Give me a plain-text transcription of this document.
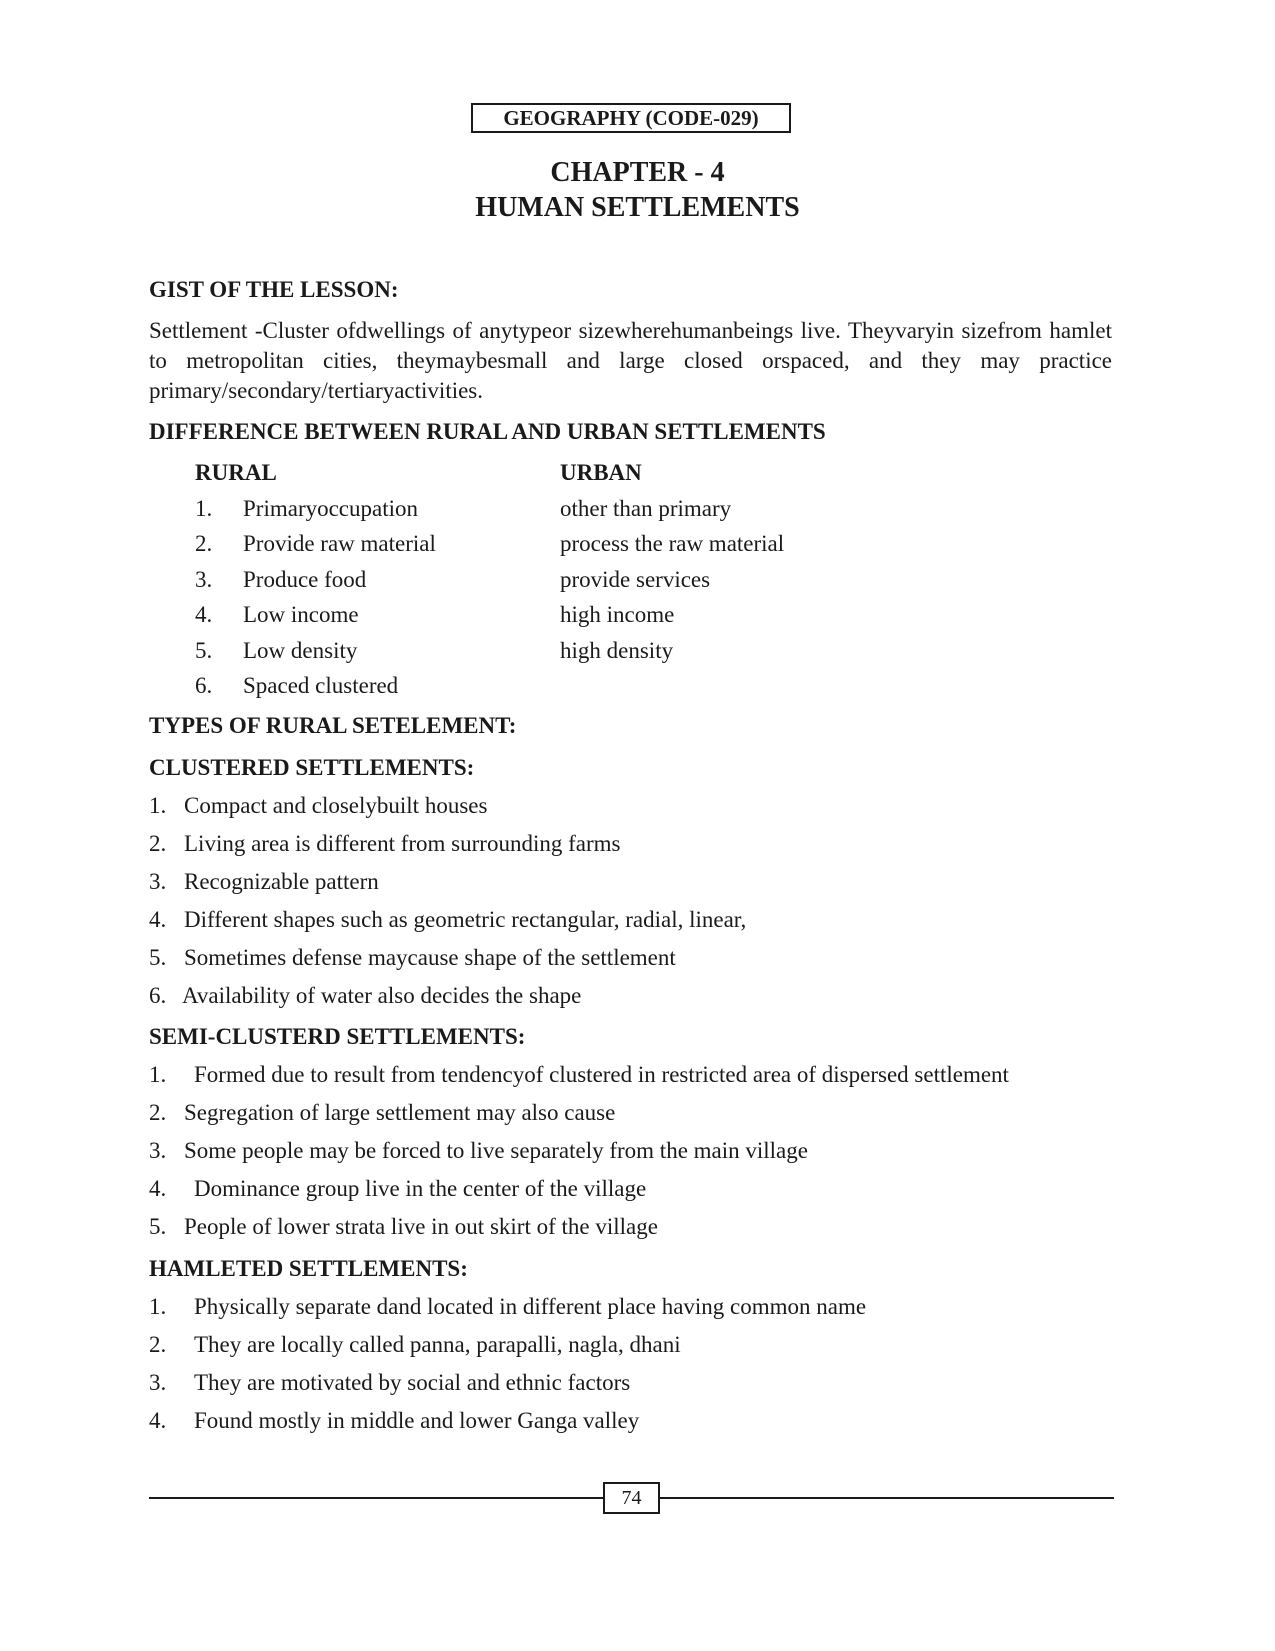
GEOGRAPHY (CODE-029)
CHAPTER - 4
HUMAN SETTLEMENTS
GIST OF THE LESSON:
Settlement -Cluster ofdwellings of anytypeor sizewherehumanbeings live. Theyvaryin sizefrom hamlet to metropolitan cities, theymaybesmall and large closed orspaced, and they may practice primary/secondary/tertiaryactivities.
DIFFERENCE BETWEEN RURAL AND URBAN SETTLEMENTS
RURAL	URBAN
1. Primaryoccupation	other than primary
2. Provide raw material	process the raw material
3. Produce food	provide services
4. Low income	high income
5. Low density	high density
6. Spaced clustered
TYPES OF RURAL SETELEMENT:
CLUSTERED SETTLEMENTS:
1. Compact and closelybuilt houses
2. Living area is different from surrounding farms
3. Recognizable pattern
4. Different shapes such as geometric rectangular, radial, linear,
5. Sometimes defense maycause shape of the settlement
6. Availability of water also decides the shape
SEMI-CLUSTERD SETTLEMENTS:
1. Formed due to result from tendencyof clustered in restricted area of dispersed settlement
2. Segregation of large settlement may also cause
3. Some people may be forced to live separately from the main village
4. Dominance group live in the center of the village
5. People of lower strata live in out skirt of the village
HAMLETED SETTLEMENTS:
1. Physically separate dand located in different place having common name
2. They are locally called panna, parapalli, nagla, dhani
3. They are motivated by social and ethnic factors
4. Found mostly in middle and lower Ganga valley
74
